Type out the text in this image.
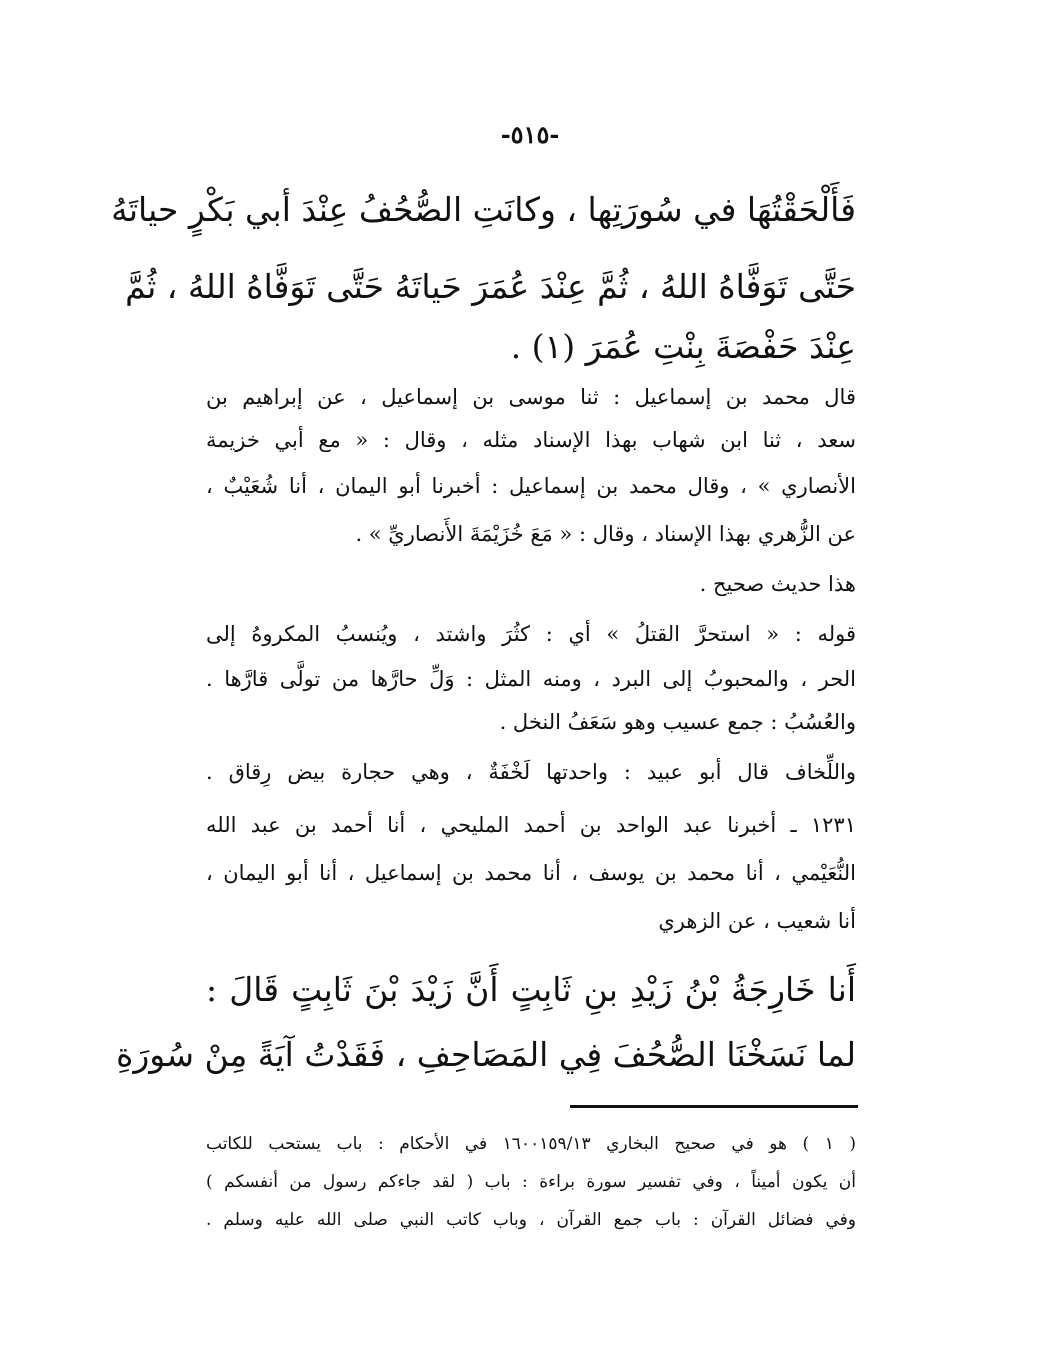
-٥١٥-
فَأَلْحَقْتُهَا في سُورَتِها ، وكانَتِ الصُّحُفُ عِنْدَ أبي بَكْرٍ حياتَهُ
حَتَّى تَوَفَّاهُ اللهُ ، ثُمَّ عِنْدَ عُمَرَ حَياتَهُ حَتَّى تَوَفَّاهُ اللهُ ، ثُمَّ
عِنْدَ حَفْصَةَ بِنْتِ عُمَرَ (١) .
قال محمد بن إسماعيل : ثنا موسى بن إسماعيل ، عن إبراهيم بن
سعد ، ثنا ابن شهاب بهذا الإسناد مثله ، وقال : « مع أبي خزيمة
الأنصاري » ، وقال محمد بن إسماعيل : أخبرنا أبو اليمان ، أنا شُعَيْبٌ ،
عن الزُّهري بهذا الإسناد ، وقال : « مَعَ خُزَيْمَةَ الأَنصاريِّ » .
هذا حديث صحيح .
قوله : « استحرَّ القتلُ » أي : كثُرَ واشتد ، ويُنسبُ المكروهُ إلى
الحر ، والمحبوبُ إلى البرد ، ومنه المثل : وَلِّ حارَّها من تولَّى قارَّها .
والعُسُبُ : جمع عسيب وهو سَعَفُ النخل .
واللِّخاف قال أبو عبيد : واحدتها لَخْفَةٌ ، وهي حجارة بيض رِقاق .
١٢٣١ ـ أخبرنا عبد الواحد بن أحمد المليحي ، أنا أحمد بن عبد الله
النُّعَيْمي ، أنا محمد بن يوسف ، أنا محمد بن إسماعيل ، أنا أبو اليمان ،
أنا شعيب ، عن الزهري
أَنا خَارِجَةُ بْنُ زَيْدِ بنِ ثَابِتٍ أَنَّ زَيْدَ بْنَ ثَابِتٍ قَالَ :
لما نَسَخْنَا الصُّحُفَ فِي المَصَاحِفِ ، فَقَدْتُ آيَةً مِنْ سُورَةِ
( ١ ) هو في صحيح البخاري ١٦٠٠١٥٩/١٣ في الأحكام : باب يستحب للكاتب
أن يكون أميناً ، وفي تفسير سورة براءة : باب ( لقد جاءكم رسول من أنفسكم )
وفي فضائل القرآن : باب جمع القرآن ، وباب كاتب النبي صلى الله عليه وسلم .
